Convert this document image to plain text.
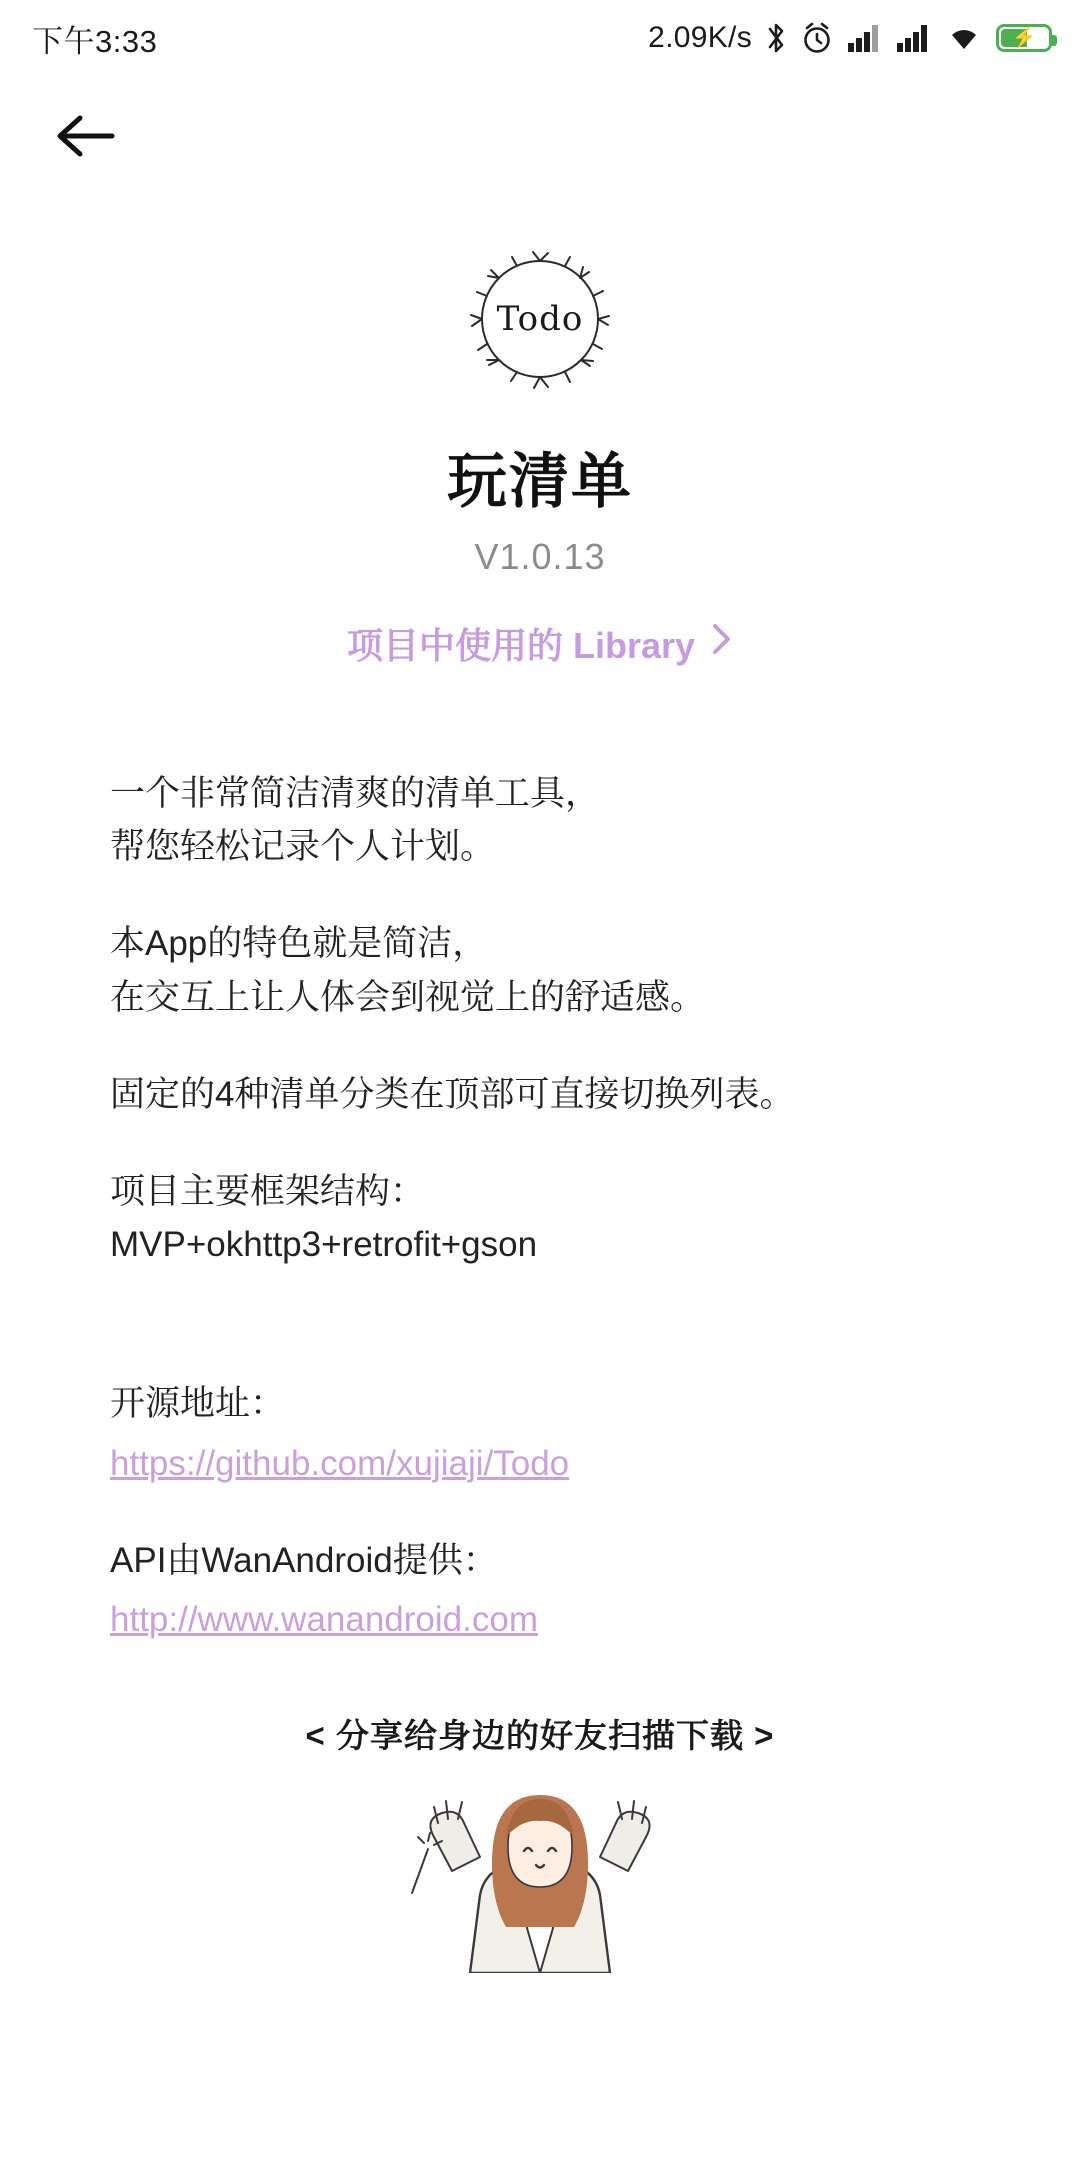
下午3:33	2.09K/s	⚡
Todo
玩清单
V1.0.13
项目中使用的 Library
一个非常简洁清爽的清单工具，
帮您轻松记录个人计划。
本App的特色就是简洁，
在交互上让人体会到视觉上的舒适感。
固定的4种清单分类在顶部可直接切换列表。
项目主要框架结构：
MVP+okhttp3+retrofit+gson
开源地址：
https://github.com/xujiaji/Todo
API由WanAndroid提供：
http://www.wanandroid.com
< 分享给身边的好友扫描下载 >
